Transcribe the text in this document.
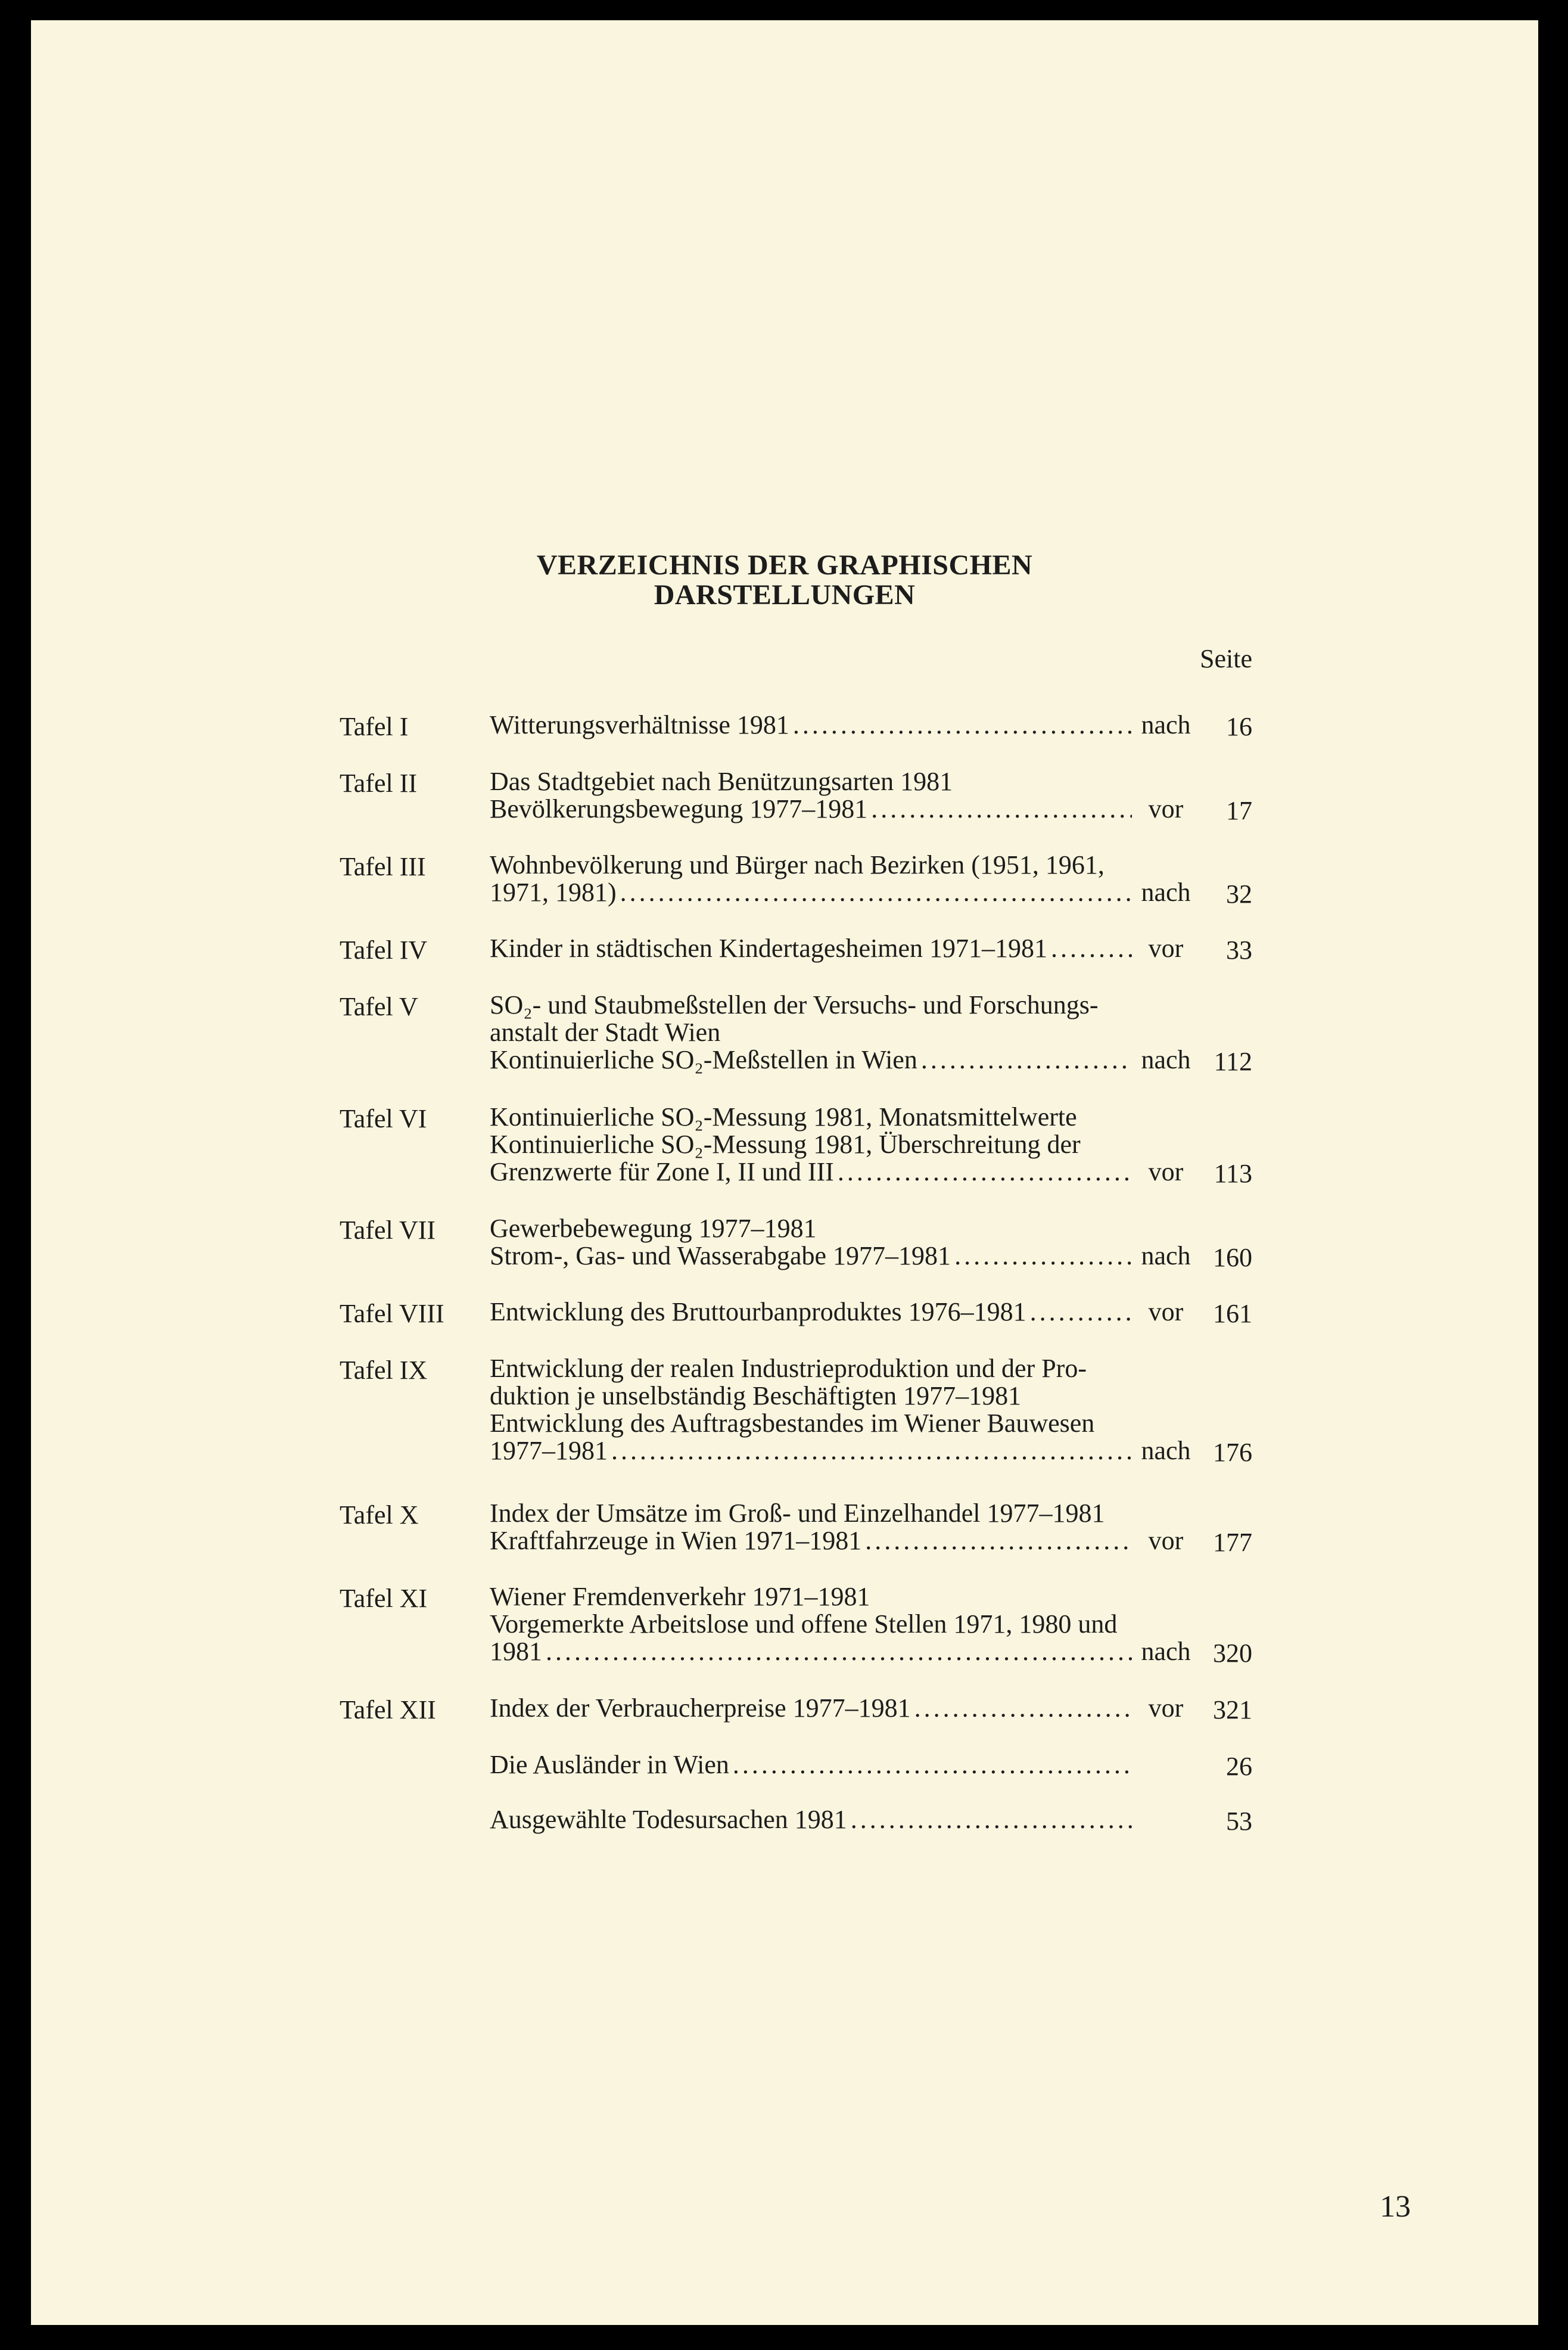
VERZEICHNIS DER GRAPHISCHEN
DARSTELLUNGEN
Seite
Tafel I	Witterungsverhältnisse 1981 . . .	nach	16
Tafel II	Das Stadtgebiet nach Benützungsarten 1981
Bevölkerungsbewegung 1977–1981 . . .	vor	17
Tafel III Wohnbevölkerung und Bürger nach Bezirken (1951, 1961,
1971, 1981) . . .	nach	32
Tafel IV Kinder in städtischen Kindertagesheimen 1971–1981 . . .	vor	33
Tafel V	SO₂- und Staubmeßstellen der Versuchs- und Forschungs-
anstalt der Stadt Wien
Kontinuierliche SO₂-Meßstellen in Wien . . .	nach 112
Tafel VI Kontinuierliche SO₂-Messung 1981, Monatsmittelwerte
Kontinuierliche SO₂-Messung 1981, Überschreitung der
Grenzwerte für Zone I, II und III . . .	vor	113
Tafel VII Gewerbebewegung 1977–1981
Strom-, Gas- und Wasserabgabe 1977–1981 . . .	nach 160
Tafel VIII Entwicklung des Bruttourbanproduktes 1976–1981 . . .	vor	161
Tafel IX Entwicklung der realen Industrieproduktion und der Pro-
duktion je unselbständig Beschäftigten 1977–1981
Entwicklung des Auftragsbestandes im Wiener Bauwesen
1977–1981 . . .	nach 176
Tafel X	Index der Umsätze im Groß- und Einzelhandel 1977–1981
Kraftfahrzeuge in Wien 1971–1981 . . .	vor	177
Tafel XI Wiener Fremdenverkehr 1971–1981
Vorgemerkte Arbeitslose und offene Stellen 1971, 1980 und
1981 . . .	nach 320
Tafel XII Index der Verbraucherpreise 1977–1981 . . .	vor	321
Die Ausländer in Wien . . .	26
Ausgewählte Todesursachen 1981 . . .	53
13
